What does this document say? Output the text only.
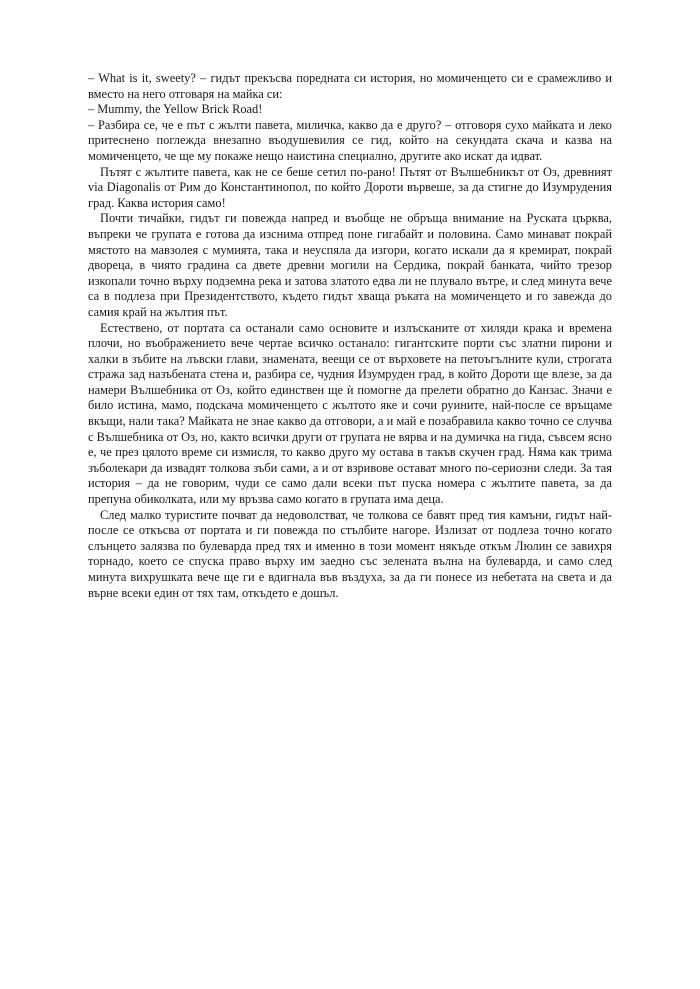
– What is it, sweety? – гидът прекъсва поредната си история, но момиченцето си е срамежливо и вместо на него отговаря на майка си:

– Mummy, the Yellow Brick Road!

– Разбира се, че е път с жълти павета, миличка, какво да е друго? – отговоря сухо майката и леко притеснено поглежда внезапно въодушевилия се гид, който на секундата скача и казва на момиченцето, че ще му покаже нещо наистина специално, другите ако искат да идват.

Пътят с жълтите павета, как не се беше сетил по-рано! Пътят от Вълшебникът от Оз, древният via Diagonalis от Рим до Константинопол, по който Дороти вървеше, за да стигне до Изумрудения град. Каква история само!

Почти тичайки, гидът ги повежда напред и въобще не обръща внимание на Руската църква, въпреки че групата е готова да изснима отпред поне гигабайт и половина. Само минават покрай мястото на мавзолея с мумията, така и неуспяла да изгори, когато искали да я кремират, покрай двореца, в чиято градина са двете древни могили на Сердика, покрай банката, чийто трезор изкопали точно върху подземна река и затова златото едва ли не плувало вътре, и след минута вече са в подлеза при Президентството, където гидът хваща ръката на момиченцето и го завежда до самия край на жълтия път.

Естествено, от портата са останали само основите и излъсканите от хиляди крака и времена плочи, но въображението вече чертае всичко останало: гигантските порти със златни пирони и халки в зъбите на лъвски глави, знамената, веещи се от върховете на петоъгълните кули, строгата стража зад назъбената стена и, разбира се, чудния Изумруден град, в който Дороти ще влезе, за да намери Вълшебника от Оз, който единствен ще ѝ помогне да прелети обратно до Канзас. Значи е било истина, мамо, подскача момиченцето с жълтото яке и сочи руините, най-после се връщаме вкъщи, нали така? Майката не знае какво да отговори, а и май е позабравила какво точно се случва с Вълшебника от Оз, но, както всички други от групата не вярва и на думичка на гида, съвсем ясно е, че през цялото време си измисля, то какво друго му остава в такъв скучен град. Няма как трима зъболекари да извадят толкова зъби сами, а и от взривове остават много по-сериозни следи. За тая история – да не говорим, чуди се само дали всеки път пуска номера с жълтите павета, за да препуна обиколката, или му връзва само когато в групата има деца.

След малко туристите почват да недоволстват, че толкова се бавят пред тия камъни, гидът най-после се откъсва от портата и ги повежда по стълбите нагоре. Излизат от подлеза точно когато слънцето залязва по булеварда пред тях и именно в този момент някъде откъм Люлин се завихря торнадо, което се спуска право върху им заедно със зелената вълна на булеварда, и само след минута вихрушката вече ще ги е вдигнала във въздуха, за да ги понесе из небетата на света и да върне всеки един от тях там, откъдето е дошъл.
